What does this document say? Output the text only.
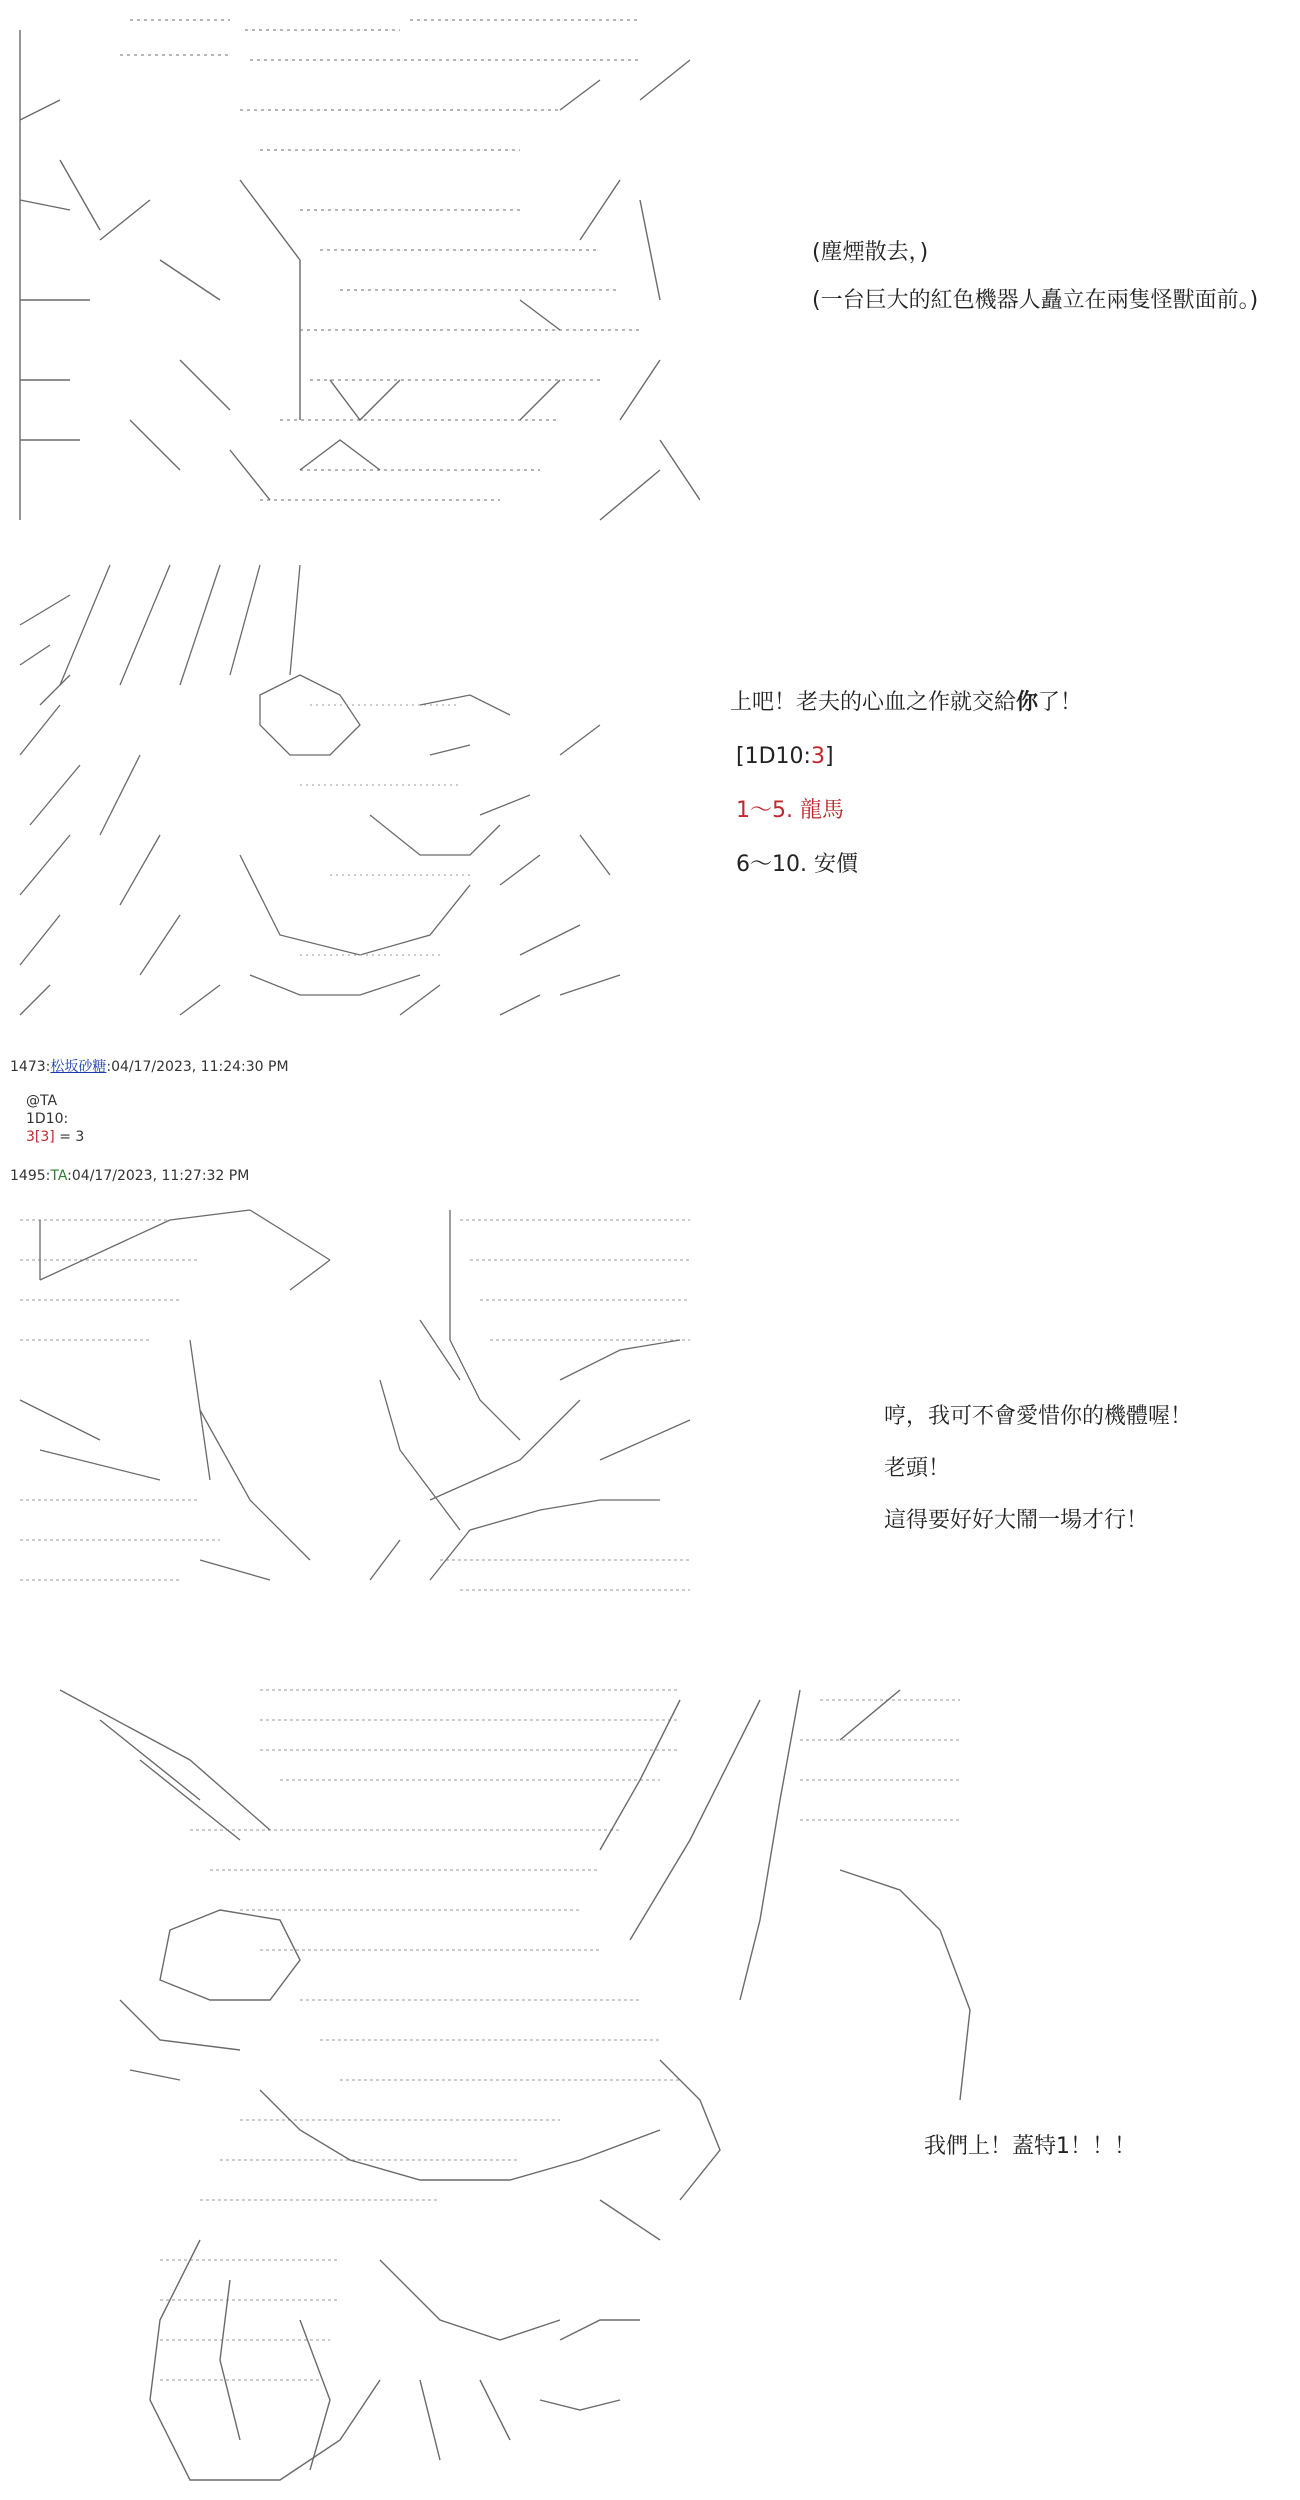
(塵煙散去，)
(一台巨大的紅色機器人矗立在兩隻怪獸面前。)
上吧！老夫的心血之作就交給你了！
[1D10:3]
1～5. 龍馬
6～10. 安價
1473:松坂砂糖:04/17/2023, 11:24:30 PM
@TA
1D10:
3[3] = 3
1495:TA:04/17/2023, 11:27:32 PM
哼，我可不會愛惜你的機體喔！
老頭！
這得要好好大鬧一場才行！
我們上！蓋特1！！！
